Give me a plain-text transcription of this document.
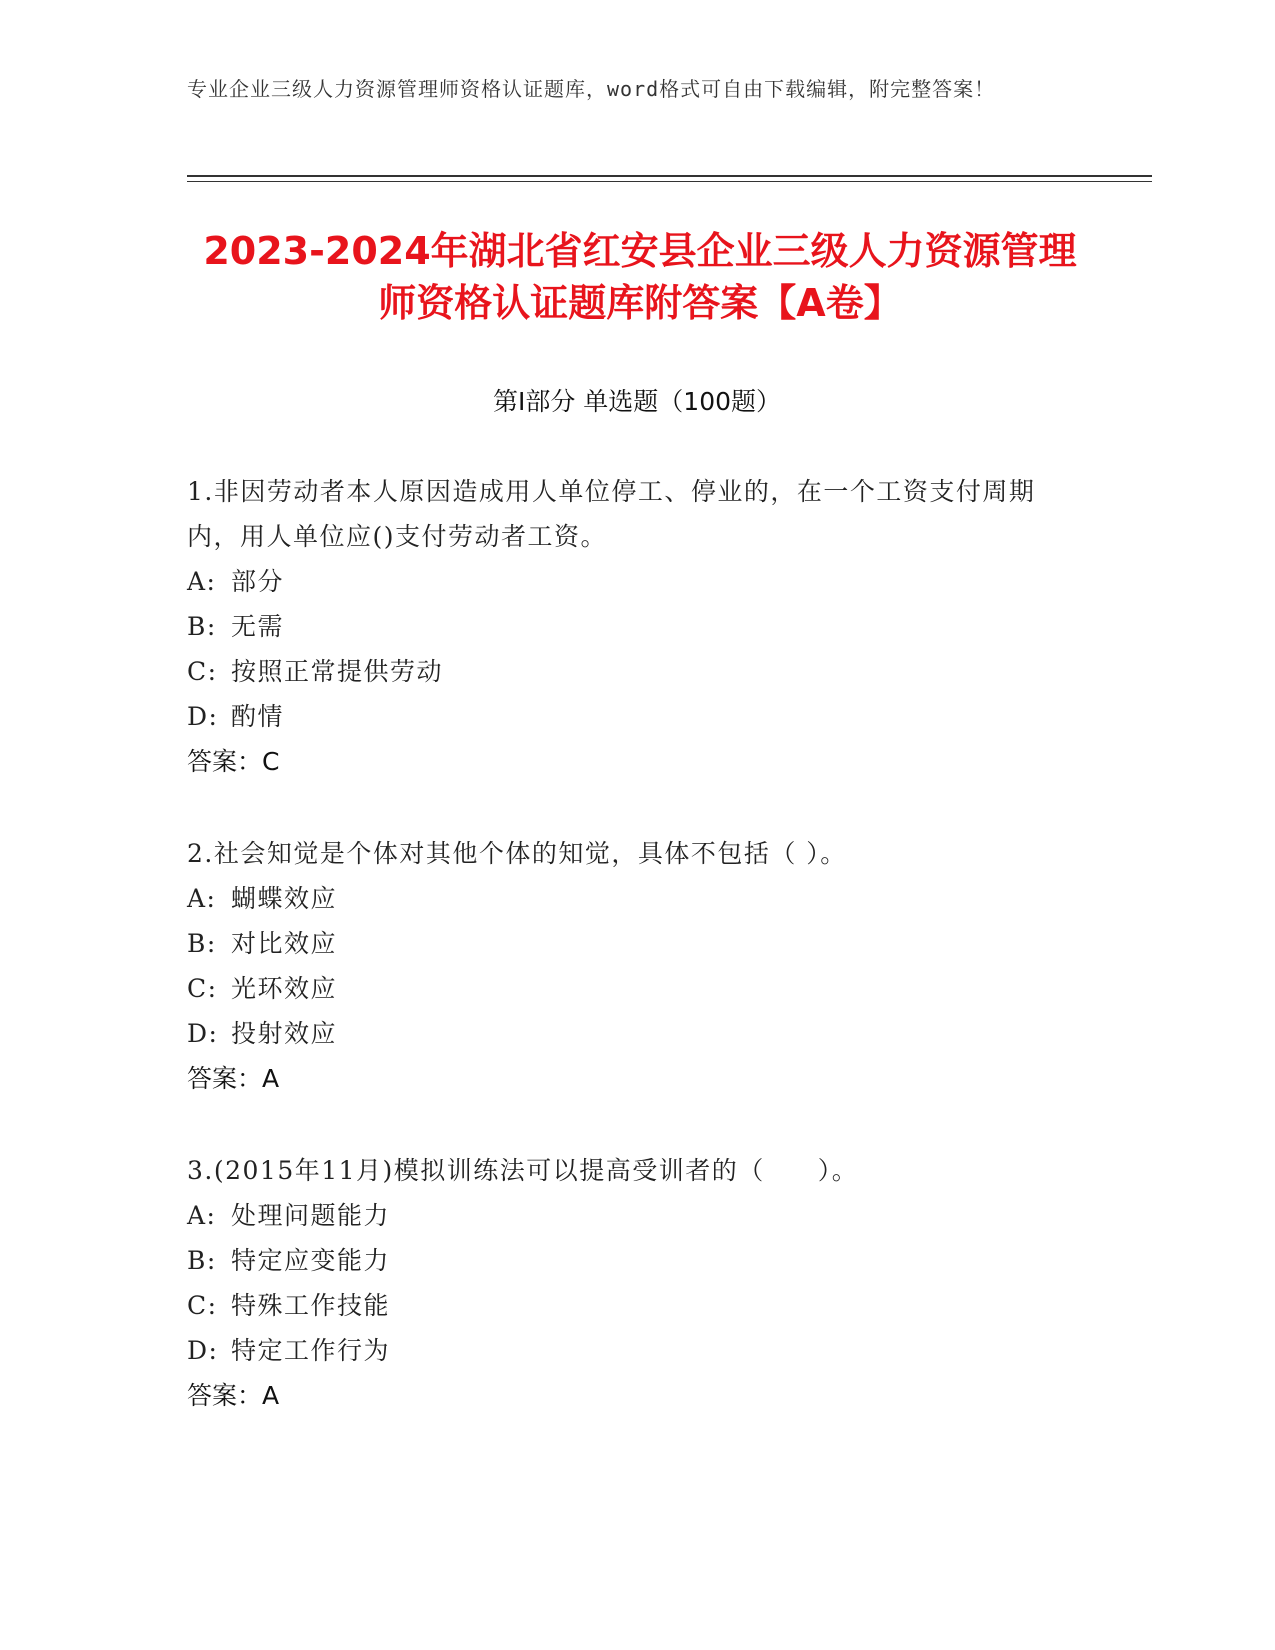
专业企业三级人力资源管理师资格认证题库，word格式可自由下载编辑，附完整答案！
2023-2024年湖北省红安县企业三级人力资源管理师资格认证题库附答案【A卷】
第Ⅰ部分 单选题（100题）

1.非因劳动者本人原因造成用人单位停工、停业的，在一个工资支付周期内，用人单位应()支付劳动者工资。

A: 部分

B: 无需

C: 按照正常提供劳动

D: 酌情

答案：C

2.社会知觉是个体对其他个体的知觉，具体不包括（ ）。

A: 蝴蝶效应

B: 对比效应

C: 光环效应

D: 投射效应

答案：A

3.(2015年11月)模拟训练法可以提高受训者的（　　）。

A: 处理问题能力

B: 特定应变能力

C: 特殊工作技能

D: 特定工作行为

答案：A
